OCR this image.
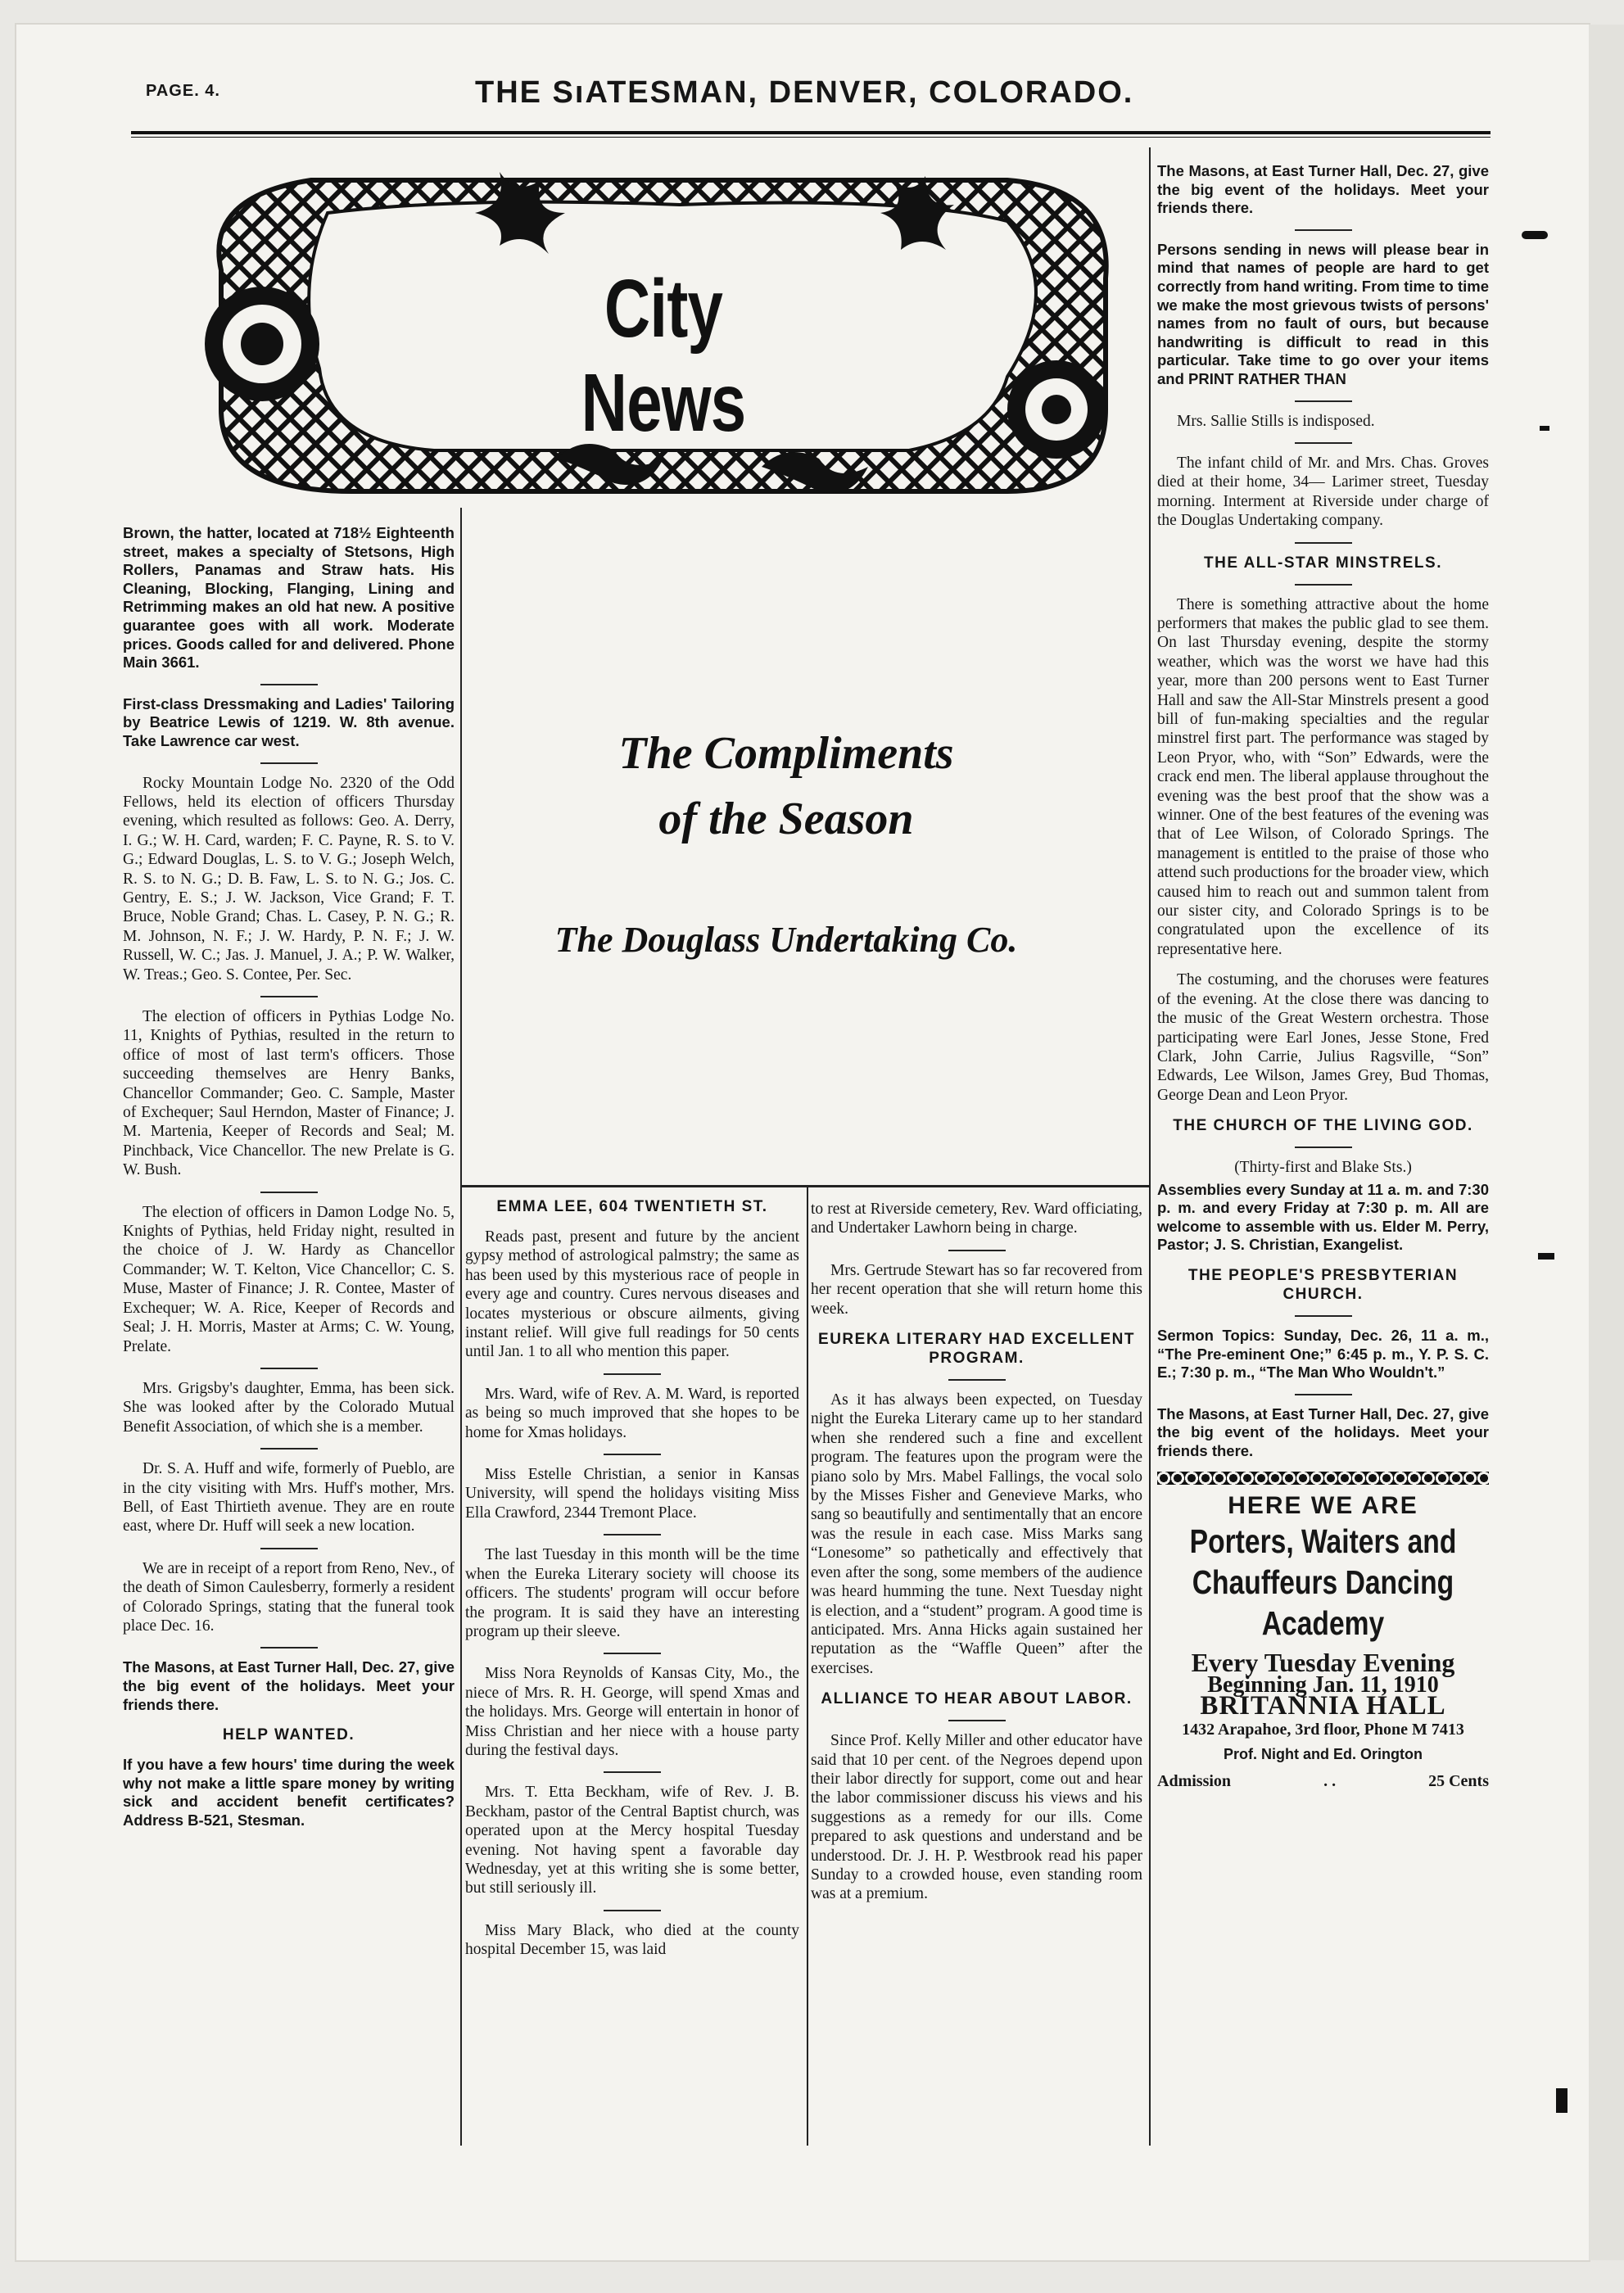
PAGE. 4.	THE SıATESMAN, DENVER, COLORADO.
City News
The Compliments
of the Season
The Douglass Undertaking Co.

Brown, the hatter, located at 718½ Eighteenth street, makes a specialty of Stetsons, High Rollers, Panamas and Straw hats. His Cleaning, Blocking, Flanging, Lining and Retrimming makes an old hat new. A positive guarantee goes with all work. Moderate prices. Goods called for and delivered. Phone Main 3661.

First-class Dressmaking and Ladies' Tailoring by Beatrice Lewis of 1219. W. 8th avenue. Take Lawrence car west.

Rocky Mountain Lodge No. 2320 of the Odd Fellows, held its election of officers Thursday evening, which resulted as follows: Geo. A. Derry, I. G.; W. H. Card, warden; F. C. Payne, R. S. to V. G.; Edward Douglas, L. S. to V. G.; Joseph Welch, R. S. to N. G.; D. B. Faw, L. S. to N. G.; Jos. C. Gentry, E. S.; J. W. Jackson, Vice Grand; F. T. Bruce, Noble Grand; Chas. L. Casey, P. N. G.; R. M. Johnson, N. F.; J. W. Hardy, P. N. F.; J. W. Russell, W. C.; Jas. J. Manuel, J. A.; P. W. Walker, W. Treas.; Geo. S. Contee, Per. Sec.

The election of officers in Pythias Lodge No. 11, Knights of Pythias, resulted in the return to office of most of last term's officers. Those succeeding themselves are Henry Banks, Chancellor Commander; Geo. C. Sample, Master of Exchequer; Saul Herndon, Master of Finance; J. M. Martenia, Keeper of Records and Seal; M. Pinchback, Vice Chancellor. The new Prelate is G. W. Bush.

The election of officers in Damon Lodge No. 5, Knights of Pythias, held Friday night, resulted in the choice of J. W. Hardy as Chancellor Commander; W. T. Kelton, Vice Chancellor; C. S. Muse, Master of Finance; J. R. Contee, Master of Exchequer; W. A. Rice, Keeper of Records and Seal; J. H. Morris, Master at Arms; C. W. Young, Prelate.

Mrs. Grigsby's daughter, Emma, has been sick. She was looked after by the Colorado Mutual Benefit Association, of which she is a member.

Dr. S. A. Huff and wife, formerly of Pueblo, are in the city visiting with Mrs. Huff's mother, Mrs. Bell, of East Thirtieth avenue. They are en route east, where Dr. Huff will seek a new location.

We are in receipt of a report from Reno, Nev., of the death of Simon Caulesberry, formerly a resident of Colorado Springs, stating that the funeral took place Dec. 16.

The Masons, at East Turner Hall, Dec. 27, give the big event of the holidays. Meet your friends there.

HELP WANTED.

If you have a few hours' time during the week why not make a little spare money by writing sick and accident benefit certificates? Address B-521, Stesman.

EMMA LEE, 604 TWENTIETH ST.

Reads past, present and future by the ancient gypsy method of astrological palmstry; the same as has been used by this mysterious race of people in every age and country. Cures nervous diseases and locates mysterious or obscure ailments, giving instant relief. Will give full readings for 50 cents until Jan. 1 to all who mention this paper.

Mrs. Ward, wife of Rev. A. M. Ward, is reported as being so much improved that she hopes to be home for Xmas holidays.

Miss Estelle Christian, a senior in Kansas University, will spend the holidays visiting Miss Ella Crawford, 2344 Tremont Place.

The last Tuesday in this month will be the time when the Eureka Literary society will choose its officers. The students' program will occur before the program. It is said they have an interesting program up their sleeve.

Miss Nora Reynolds of Kansas City, Mo., the niece of Mrs. R. H. George, will spend Xmas and the holidays. Mrs. George will entertain in honor of Miss Christian and her niece with a house party during the festival days.

Mrs. T. Etta Beckham, wife of Rev. J. B. Beckham, pastor of the Central Baptist church, was operated upon at the Mercy hospital Tuesday evening. Not having spent a favorable day Wednesday, yet at this writing she is some better, but still seriously ill.

Miss Mary Black, who died at the county hospital December 15, was laid

to rest at Riverside cemetery, Rev. Ward officiating, and Undertaker Lawhorn being in charge.

Mrs. Gertrude Stewart has so far recovered from her recent operation that she will return home this week.

EUREKA LITERARY HAD EXCELLENT PROGRAM.

As it has always been expected, on Tuesday night the Eureka Literary came up to her standard when she rendered such a fine and excellent program. The features upon the program were the piano solo by Mrs. Mabel Fallings, the vocal solo by the Misses Fisher and Genevieve Marks, who sang so beautifully and sentimentally that an encore was the resule in each case. Miss Marks sang “Lonesome” so pathetically and effectively that even after the song, some members of the audience was heard humming the tune. Next Tuesday night is election, and a “student” program. A good time is anticipated. Mrs. Anna Hicks again sustained her reputation as the “Waffle Queen” after the exercises.

ALLIANCE TO HEAR ABOUT LABOR.

Since Prof. Kelly Miller and other educator have said that 10 per cent. of the Negroes depend upon their labor directly for support, come out and hear the labor commissioner discuss his views and his suggestions as a remedy for our ills. Come prepared to ask questions and understand and be understood. Dr. J. H. P. Westbrook read his paper Sunday to a crowded house, even standing room was at a premium.

The Masons, at East Turner Hall, Dec. 27, give the big event of the holidays. Meet your friends there.

Persons sending in news will please bear in mind that names of people are hard to get correctly from hand writing. From time to time we make the most grievous twists of persons' names from no fault of ours, but because handwriting is difficult to read in this particular. Take time to go over your items and PRINT RATHER THAN

Mrs. Sallie Stills is indisposed.

The infant child of Mr. and Mrs. Chas. Groves died at their home, 34— Larimer street, Tuesday morning. Interment at Riverside under charge of the Douglas Undertaking company.

THE ALL-STAR MINSTRELS.

There is something attractive about the home performers that makes the public glad to see them. On last Thursday evening, despite the stormy weather, which was the worst we have had this year, more than 200 persons went to East Turner Hall and saw the All-Star Minstrels present a good bill of fun-making specialties and the regular minstrel first part. The performance was staged by Leon Pryor, who, with “Son” Edwards, were the crack end men. The liberal applause throughout the evening was the best proof that the show was a winner. One of the best features of the evening was that of Lee Wilson, of Colorado Springs. The management is entitled to the praise of those who attend such productions for the broader view, which caused him to reach out and summon talent from our sister city, and Colorado Springs is to be congratulated upon the excellence of its representative here.

The costuming, and the choruses were features of the evening. At the close there was dancing to the music of the Great Western orchestra. Those participating were Earl Jones, Jesse Stone, Fred Clark, John Carrie, Julius Ragsville, “Son” Edwards, Lee Wilson, James Grey, Bud Thomas, George Dean and Leon Pryor.

THE CHURCH OF THE LIVING GOD.

(Thirty-first and Blake Sts.)

Assemblies every Sunday at 11 a. m. and 7:30 p. m. and every Friday at 7:30 p. m. All are welcome to assemble with us. Elder M. Perry, Pastor; J. S. Christian, Exangelist.

THE PEOPLE'S PRESBYTERIAN CHURCH.

Sermon Topics: Sunday, Dec. 26, 11 a. m., “The Pre-eminent One;” 6:45 p. m., Y. P. S. C. E.; 7:30 p. m., “The Man Who Wouldn't.”

The Masons, at East Turner Hall, Dec. 27, give the big event of the holidays. Meet your friends there.

HERE WE ARE
Porters, Waiters and Chauffeurs Dancing Academy
Every Tuesday Evening
Beginning Jan. 11, 1910
BRITANNIA HALL
1432 Arapahoe, 3rd floor, Phone M 7413
Prof. Night and Ed. Orington
Admission	. .	25 Cents
